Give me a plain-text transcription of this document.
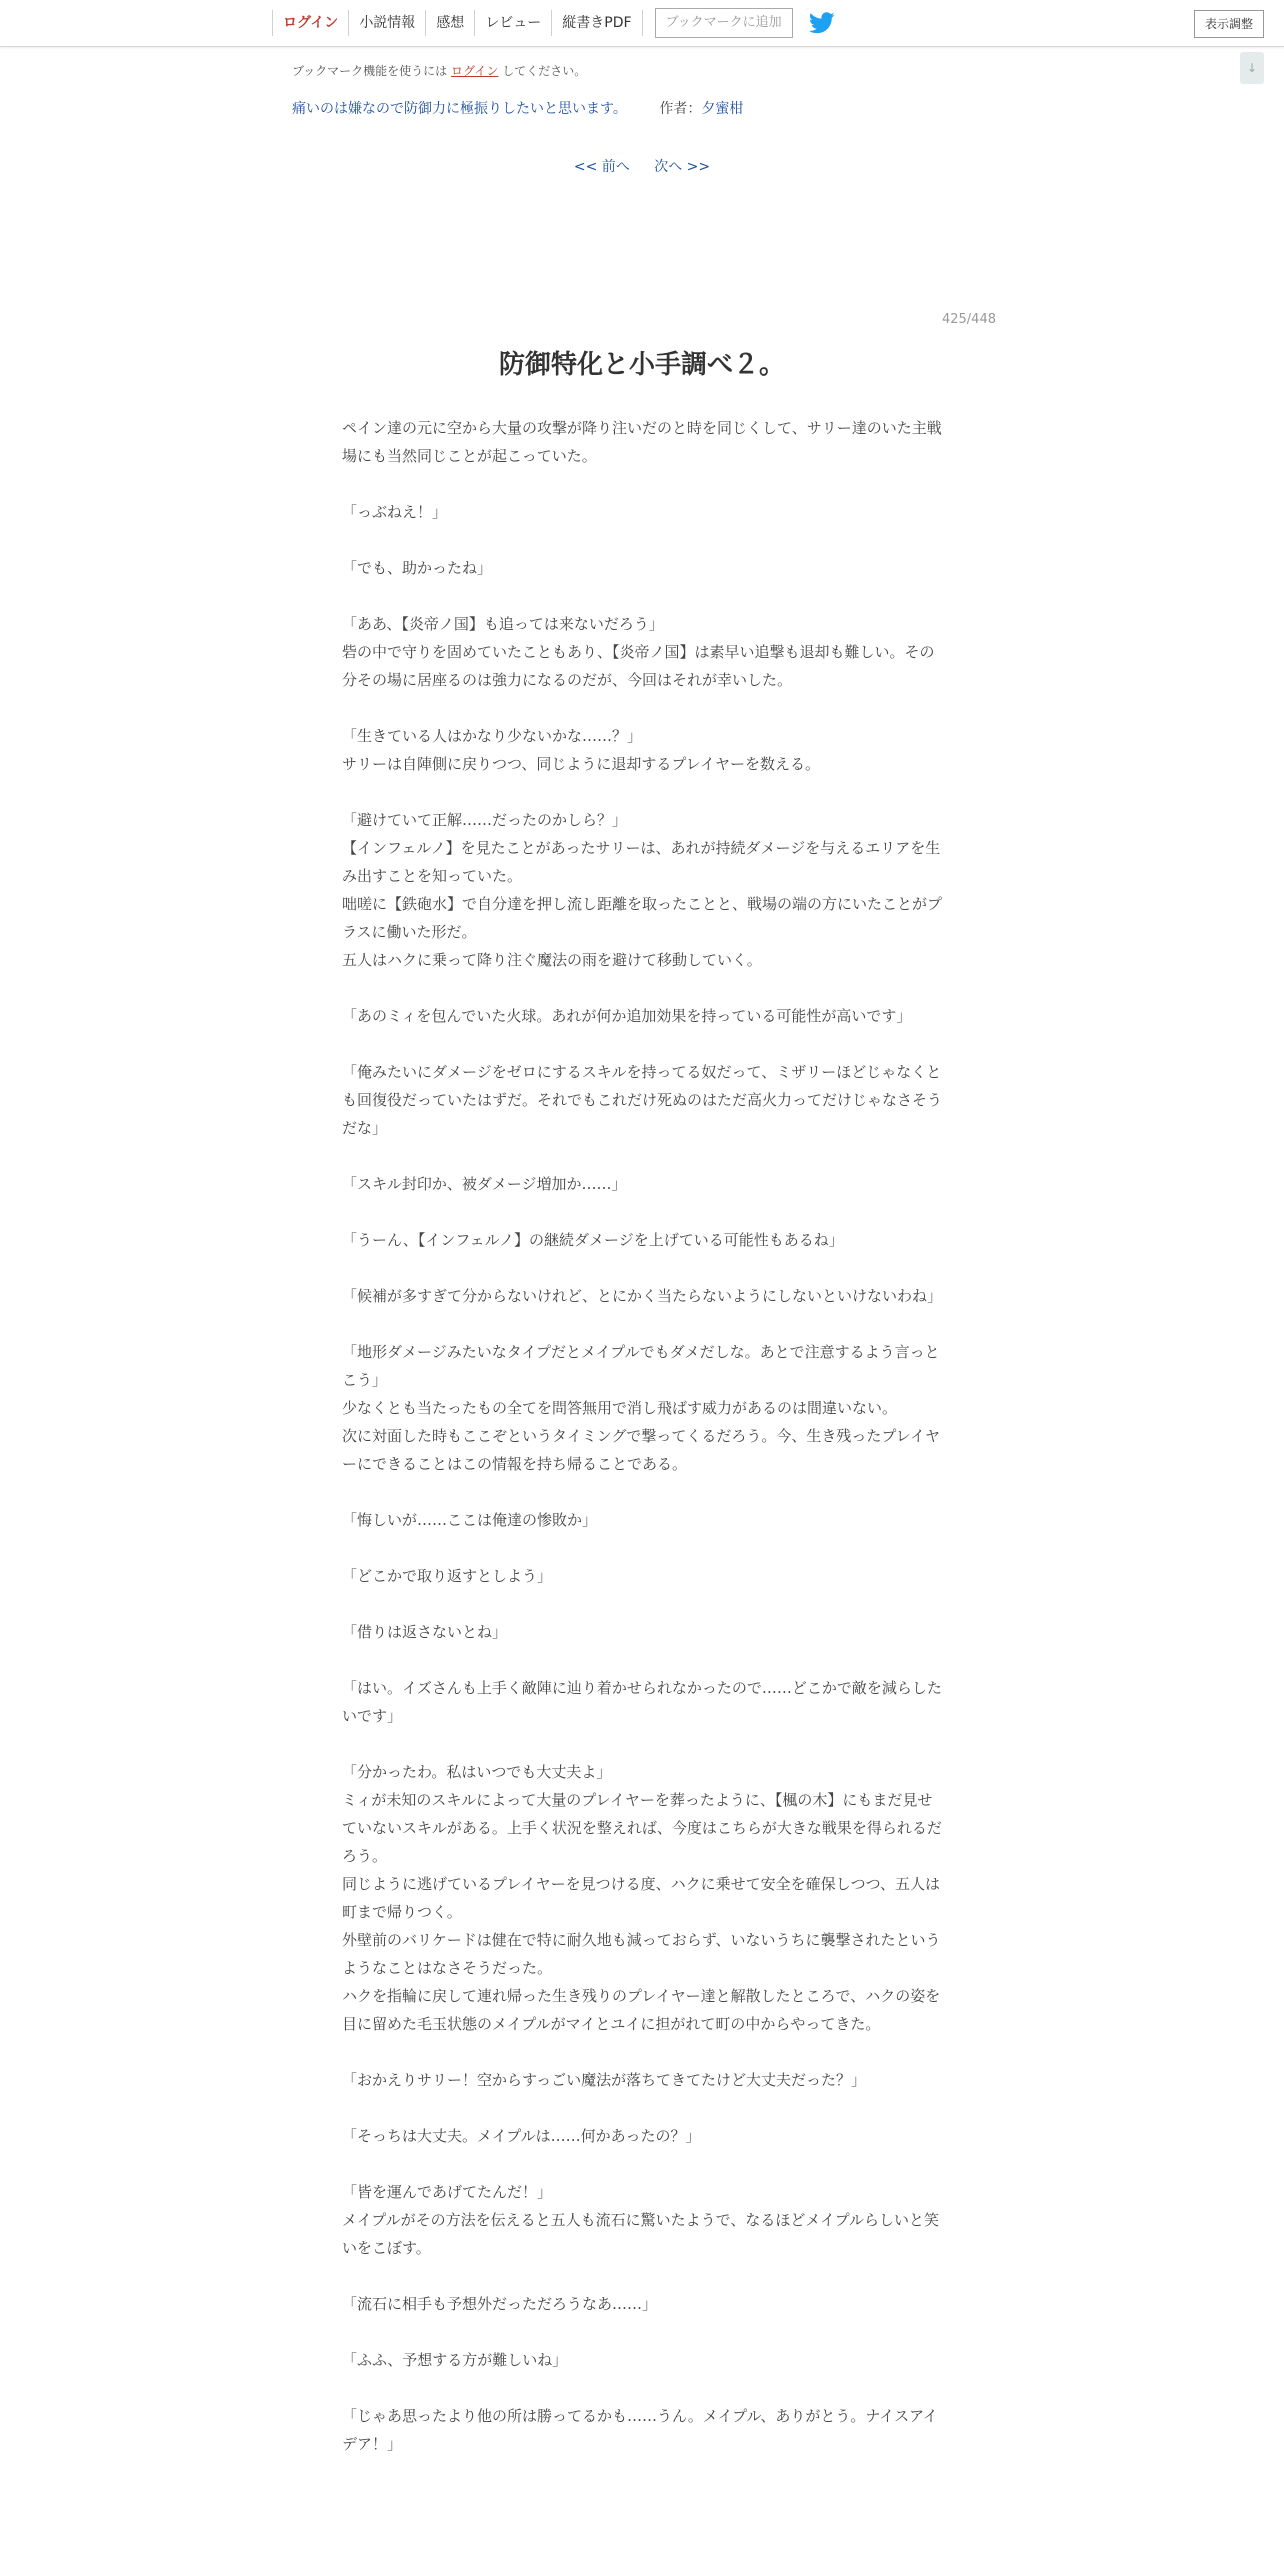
ログイン	小説情報	感想	レビュー	縦書きPDF	ブックマークに追加	表示調整
↓
ブックマーク機能を使うには ログイン してください。
痛いのは嫌なので防御力に極振りしたいと思います。 作者：夕蜜柑
<< 前へ 次へ >>
425/448
防御特化と小手調べ２。

ペイン達の元に空から大量の攻撃が降り注いだのと時を同じくして、サリー達のいた主戦場にも当然同じことが起こっていた。

「っぶねえ！」

「でも、助かったね」

「ああ、【炎帝ノ国】も追っては来ないだろう」

砦の中で守りを固めていたこともあり、【炎帝ノ国】は素早い追撃も退却も難しい。その分その場に居座るのは強力になるのだが、今回はそれが幸いした。

「生きている人はかなり少ないかな……？」

サリーは自陣側に戻りつつ、同じように退却するプレイヤーを数える。

「避けていて正解……だったのかしら？」

【インフェルノ】を見たことがあったサリーは、あれが持続ダメージを与えるエリアを生み出すことを知っていた。

咄嗟に【鉄砲水】で自分達を押し流し距離を取ったことと、戦場の端の方にいたことがプラスに働いた形だ。

五人はハクに乗って降り注ぐ魔法の雨を避けて移動していく。

「あのミィを包んでいた火球。あれが何か追加効果を持っている可能性が高いです」

「俺みたいにダメージをゼロにするスキルを持ってる奴だって、ミザリーほどじゃなくとも回復役だっていたはずだ。それでもこれだけ死ぬのはただ高火力ってだけじゃなさそうだな」

「スキル封印か、被ダメージ増加か……」

「うーん、【インフェルノ】の継続ダメージを上げている可能性もあるね」

「候補が多すぎて分からないけれど、とにかく当たらないようにしないといけないわね」

「地形ダメージみたいなタイプだとメイプルでもダメだしな。あとで注意するよう言っとこう」

少なくとも当たったもの全てを問答無用で消し飛ばす威力があるのは間違いない。

次に対面した時もここぞというタイミングで撃ってくるだろう。今、生き残ったプレイヤーにできることはこの情報を持ち帰ることである。

「悔しいが……ここは俺達の惨敗か」

「どこかで取り返すとしよう」

「借りは返さないとね」

「はい。イズさんも上手く敵陣に辿り着かせられなかったので……どこかで敵を減らしたいです」

「分かったわ。私はいつでも大丈夫よ」

ミィが未知のスキルによって大量のプレイヤーを葬ったように、【楓の木】にもまだ見せていないスキルがある。上手く状況を整えれば、今度はこちらが大きな戦果を得られるだろう。

同じように逃げているプレイヤーを見つける度、ハクに乗せて安全を確保しつつ、五人は町まで帰りつく。

外壁前のバリケードは健在で特に耐久地も減っておらず、いないうちに襲撃されたというようなことはなさそうだった。

ハクを指輪に戻して連れ帰った生き残りのプレイヤー達と解散したところで、ハクの姿を目に留めた毛玉状態のメイプルがマイとユイに担がれて町の中からやってきた。

「おかえりサリー！空からすっごい魔法が落ちてきてたけど大丈夫だった？」

「そっちは大丈夫。メイプルは……何かあったの？」

「皆を運んであげてたんだ！」

メイプルがその方法を伝えると五人も流石に驚いたようで、なるほどメイプルらしいと笑いをこぼす。

「流石に相手も予想外だっただろうなあ……」

「ふふ、予想する方が難しいね」

「じゃあ思ったより他の所は勝ってるかも……うん。メイプル、ありがとう。ナイスアイデア！」
